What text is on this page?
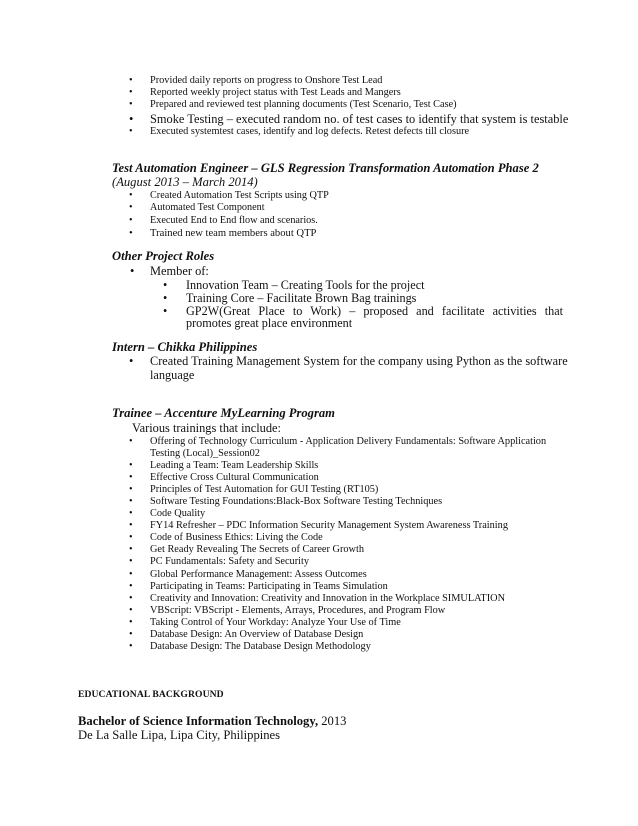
• Provided daily reports on progress to Onshore Test Lead
• Reported weekly project status with Test Leads and Mangers
• Prepared and reviewed test planning documents (Test Scenario, Test Case)
• Smoke Testing – executed random no. of test cases to identify that system is testable
• Executed systemtest cases, identify and log defects. Retest defects till closure
Test Automation Engineer – GLS Regression Transformation Automation Phase 2
(August 2013 – March 2014)
• Created Automation Test Scripts using QTP
• Automated Test Component
• Executed End to End flow and scenarios.
• Trained new team members about QTP
Other Project Roles
• Member of:
• Innovation Team – Creating Tools for the project
• Training Core – Facilitate Brown Bag trainings
• GP2W(Great Place to Work) – proposed and facilitate activities that promotes great place environment
Intern – Chikka Philippines
• Created Training Management System for the company using Python as the software language
Trainee – Accenture MyLearning Program
Various trainings that include:
• Offering of Technology Curriculum - Application Delivery Fundamentals: Software Application Testing (Local)_Session02
• Leading a Team: Team Leadership Skills
• Effective Cross Cultural Communication
• Principles of Test Automation for GUI Testing (RT105)
• Software Testing Foundations:Black-Box Software Testing Techniques
• Code Quality
• FY14 Refresher – PDC Information Security Management System Awareness Training
• Code of Business Ethics: Living the Code
• Get Ready Revealing The Secrets of Career Growth
• PC Fundamentals: Safety and Security
• Global Performance Management: Assess Outcomes
• Participating in Teams: Participating in Teams Simulation
• Creativity and Innovation: Creativity and Innovation in the Workplace SIMULATION
• VBScript: VBScript - Elements, Arrays, Procedures, and Program Flow
• Taking Control of Your Workday: Analyze Your Use of Time
• Database Design: An Overview of Database Design
• Database Design: The Database Design Methodology
EDUCATIONAL BACKGROUND
Bachelor of Science Information Technology, 2013
De La Salle Lipa, Lipa City, Philippines
